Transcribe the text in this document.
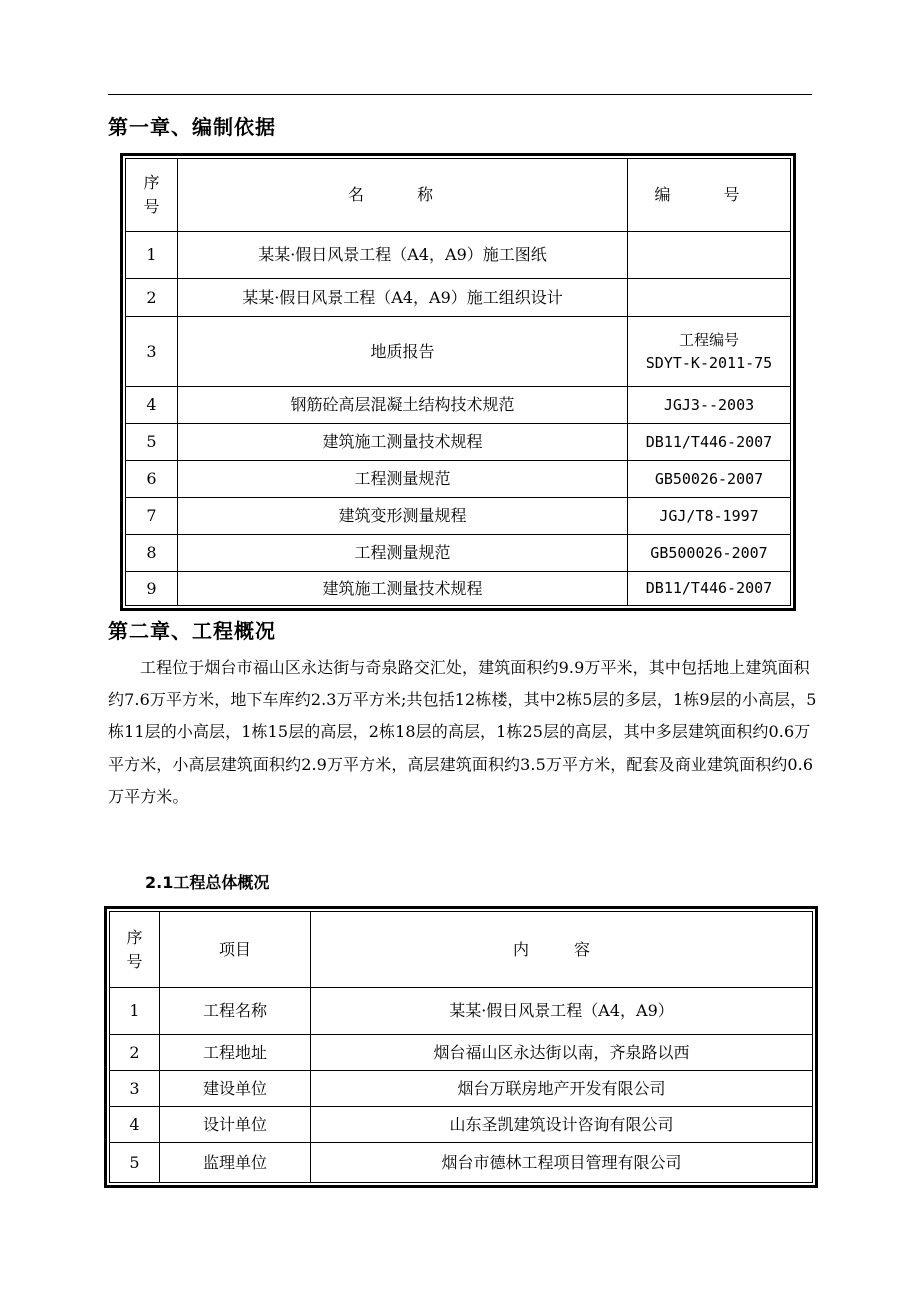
第一章、编制依据
序
号	名 称	编 号
1	某某·假日风景工程（A4，A9）施工图纸	
2	某某·假日风景工程（A4，A9）施工组织设计	
3	地质报告	工程编号
SDYT-K-2011-75

4	钢筋砼高层混凝土结构技术规范	JGJ3--2003
5	建筑施工测量技术规程	DB11/T446-2007
6	工程测量规范	GB50026-2007
7	建筑变形测量规程	JGJ/T8-1997
8	工程测量规范	GB500026-2007
9	建筑施工测量技术规程	DB11/T446-2007
第二章、工程概况

工程位于烟台市福山区永达街与奇泉路交汇处，建筑面积约9.9万平米，其中包括地上建筑面积约7.6万平方米，地下车库约2.3万平方米;共包括12栋楼，其中2栋5层的多层，1栋9层的小高层，5栋11层的小高层，1栋15层的高层，2栋18层的高层，1栋25层的高层，其中多层建筑面积约0.6万平方米，小高层建筑面积约2.9万平方米，高层建筑面积约3.5万平方米，配套及商业建筑面积约0.6万平方米。

2.1工程总体概况
序
号	项目	内 容
1	工程名称	某某·假日风景工程（A4，A9）
2	工程地址	烟台福山区永达街以南，齐泉路以西
3	建设单位	烟台万联房地产开发有限公司
4	设计单位	山东圣凯建筑设计咨询有限公司
5	监理单位	烟台市德林工程项目管理有限公司
